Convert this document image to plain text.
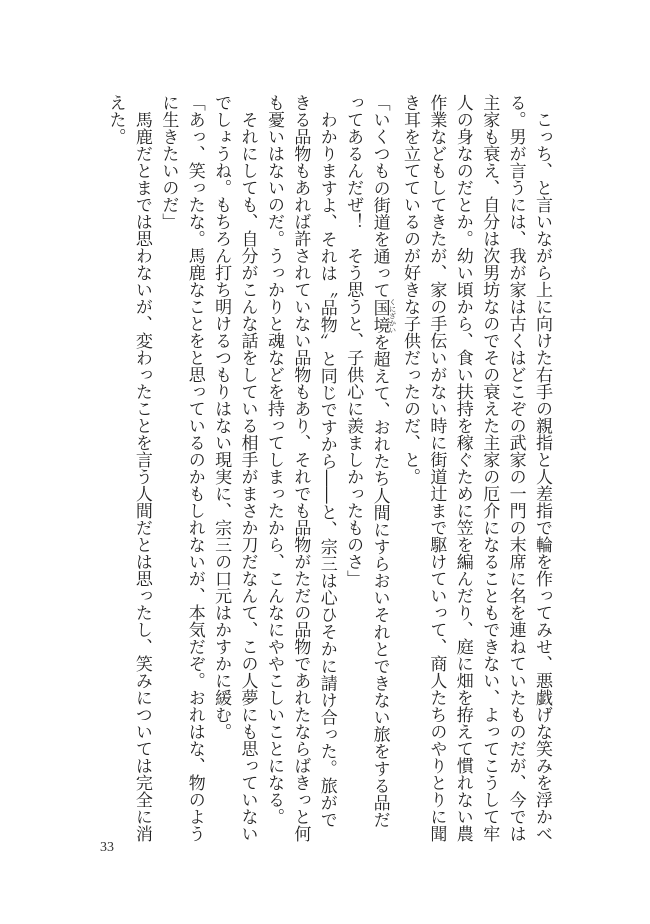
こっち、と言いながら上に向けた右手の親指と人差指で輪を作ってみせ、悪戯げな笑みを浮かべ
る。男が言うには、我が家は古くはどこぞの武家の一門の末席に名を連ねていたものだが、今では
主家も衰え、自分は次男坊なのでその衰えた主家の厄介になることもできない、よってこうして牢
人の身なのだとか。幼い頃から、食い扶持を稼ぐために笠を編んだり、庭に畑を拵えて慣れない農
作業などもしてきたが、家の手伝いがない時に街道辻まで駆けていって、商人たちのやりとりに聞
き耳を立てているのが好きな子供だったのだ、と。
「いくつもの街道を通って国境 くにざかいを超えて、おれたち人間にすらおいそれとできない旅をする品だ
ってあるんだぜ！　そう思うと、子供心に羨ましかったものさ」
わかりますよ、それは〝品物〟と同じですから――と、宗三は心ひそかに請け合った。旅がで
きる品物もあれば許されていない品物もあり、それでも品物がただの品物であれたならばきっと何
も憂いはないのだ。うっかりと魂などを持ってしまったから、こんなにややこしいことになる。
それにしても、自分がこんな話をしている相手がまさか刀だなんて、この人夢にも思っていない
でしょうね。もちろん打ち明けるつもりはない現実に、宗三の口元はかすかに緩む。
「あっ、笑ったな。馬鹿なことをと思っているのかもしれないが、本気だぞ。おれはな、物のよう
に生きたいのだ」
馬鹿だとまでは思わないが、変わったことを言う人間だとは思ったし、笑みについては完全に消
えた。
33
